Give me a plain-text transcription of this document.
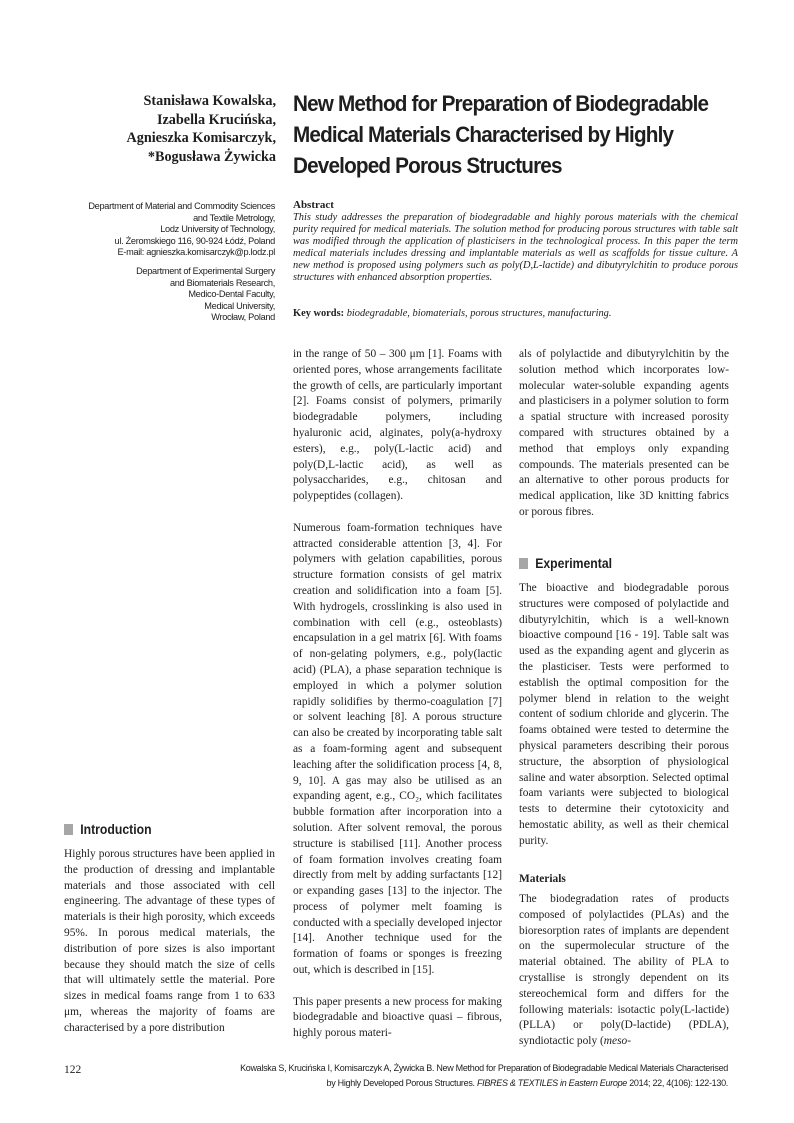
Stanisława Kowalska,
Izabella Krucińska,
Agnieszka Komisarczyk,
*Bogusława Żywicka
New Method for Preparation of Biodegradable
Medical Materials Characterised by Highly
Developed Porous Structures
Department of Material and Commodity Sciences
and Textile Metrology,
Lodz University of Technology,
ul. Żeromskiego 116, 90-924 Łódź, Poland
E-mail: agnieszka.komisarczyk@p.lodz.pl
Department of Experimental Surgery
and Biomaterials Research,
Medico-Dental Faculty,
Medical University,
Wrocław, Poland
Abstract
This study addresses the preparation of biodegradable and highly porous materials with the chemical purity required for medical materials. The solution method for producing porous structures with table salt was modified through the application of plasticisers in the technological process. In this paper the term medical materials includes dressing and implantable materials as well as scaffolds for tissue culture. A new method is proposed using polymers such as poly(D,L-lactide) and dibutyrylchitin to produce porous structures with enhanced absorption properties.
Key words: biodegradable, biomaterials, porous structures, manufacturing.
in the range of 50 – 300 μm [1]. Foams with oriented pores, whose arrangements facilitate the growth of cells, are particularly important [2]. Foams consist of polymers, primarily biodegradable polymers, including hyaluronic acid, alginates, poly(a-hydroxy esters), e.g., poly(L-lactic acid) and poly(D,L-lactic acid), as well as polysaccharides, e.g., chitosan and polypeptides (collagen).
Numerous foam-formation techniques have attracted considerable attention [3, 4]. For polymers with gelation capabilities, porous structure formation consists of gel matrix creation and solidification into a foam [5]. With hydrogels, crosslinking is also used in combination with cell (e.g., osteoblasts) encapsulation in a gel matrix [6]. With foams of non-gelating polymers, e.g., poly(lactic acid) (PLA), a phase separation technique is employed in which a polymer solution rapidly solidifies by thermo-coagulation [7] or solvent leaching [8]. A porous structure can also be created by incorporating table salt as a foam-forming agent and subsequent leaching after the solidification process [4, 8, 9, 10]. A gas may also be utilised as an expanding agent, e.g., CO₂, which facilitates bubble formation after incorporation into a solution. After solvent removal, the porous structure is stabilised [11]. Another process of foam formation involves creating foam directly from melt by adding surfactants [12] or expanding gases [13] to the injector. The process of polymer melt foaming is conducted with a specially developed injector [14]. Another technique used for the formation of foams or sponges is freezing out, which is described in [15].
This paper presents a new process for making biodegradable and bioactive quasi – fibrous, highly porous materi-
als of polylactide and dibutyrylchitin by the solution method which incorporates low-molecular water-soluble expanding agents and plasticisers in a polymer solution to form a spatial structure with increased porosity compared with structures obtained by a method that employs only expanding compounds. The materials presented can be an alternative to other porous products for medical application, like 3D knitting fabrics or porous fibres.
Experimental
The bioactive and biodegradable porous structures were composed of polylactide and dibutyrylchitin, which is a well-known bioactive compound [16 - 19]. Table salt was used as the expanding agent and glycerin as the plasticiser. Tests were performed to establish the optimal composition for the polymer blend in relation to the weight content of sodium chloride and glycerin. The foams obtained were tested to determine the physical parameters describing their porous structure, the absorption of physiological saline and water absorption. Selected optimal foam variants were subjected to biological tests to determine their cytotoxicity and hemostatic ability, as well as their chemical purity.
Materials
The biodegradation rates of products composed of polylactides (PLAs) and the bioresorption rates of implants are dependent on the supermolecular structure of the material obtained. The ability of PLA to crystallise is strongly dependent on its stereochemical form and differs for the following materials: isotactic poly(L-lactide) (PLLA) or poly(D-lactide) (PDLA), syndiotactic poly (meso-
Introduction
Highly porous structures have been applied in the production of dressing and implantable materials and those associated with cell engineering. The advantage of these types of materials is their high porosity, which exceeds 95%. In porous medical materials, the distribution of pore sizes is also important because they should match the size of cells that will ultimately settle the material. Pore sizes in medical foams range from 1 to 633 μm, whereas the majority of foams are characterised by a pore distribution
122	Kowalska S, Krucińska I, Komisarczyk A, Żywicka B. New Method for Preparation of Biodegradable Medical Materials Characterised
by Highly Developed Porous Structures. FIBRES & TEXTILES in Eastern Europe 2014; 22, 4(106): 122-130.
